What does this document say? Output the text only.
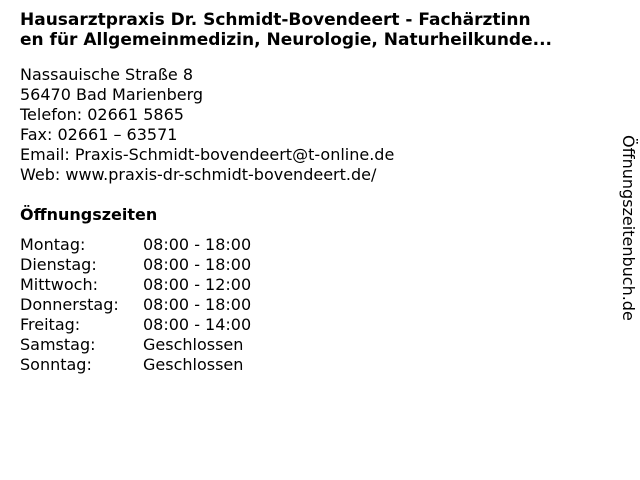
Hausarztpraxis Dr. Schmidt-Bovendeert - Fachärztinn
en für Allgemeinmedizin, Neurologie, Naturheilkunde...
Nassauische Straße 8
56470 Bad Marienberg
Telefon: 02661 5865
Fax: 02661 – 63571
Email: Praxis-Schmidt-bovendeert@t-online.de
Web: www.praxis-dr-schmidt-bovendeert.de/
Öffnungszeiten
Montag:	08:00 - 18:00
Dienstag:	08:00 - 18:00
Mittwoch:	08:00 - 12:00
Donnerstag: 08:00 - 18:00
Freitag:	08:00 - 14:00
Samstag:	Geschlossen
Sonntag:	Geschlossen
Öffnungszeitenbuch.de
